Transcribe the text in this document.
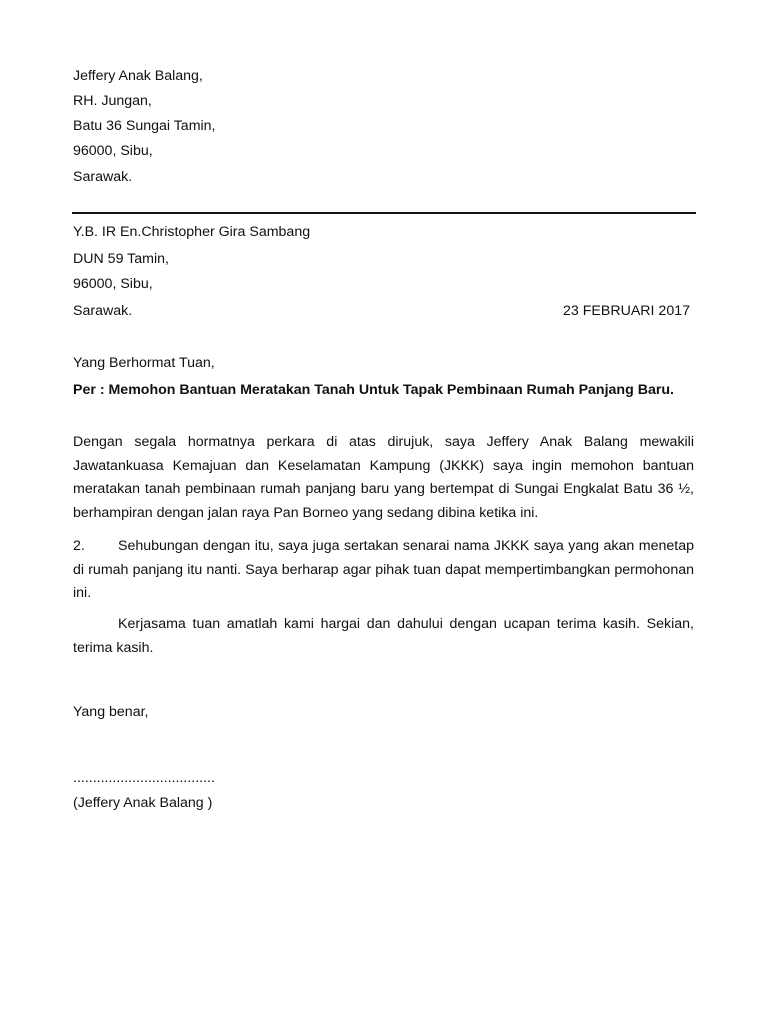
Jeffery Anak Balang,
RH. Jungan,
Batu 36 Sungai Tamin,
96000, Sibu,
Sarawak.
Y.B. IR En.Christopher Gira Sambang
DUN 59 Tamin,
96000, Sibu,
Sarawak.	23 FEBRUARI 2017
Yang Berhormat Tuan,
Per : Memohon Bantuan Meratakan Tanah Untuk Tapak Pembinaan Rumah Panjang Baru.
Dengan segala hormatnya perkara di atas dirujuk, saya Jeffery Anak Balang mewakili Jawatankuasa Kemajuan dan Keselamatan Kampung (JKKK) saya ingin memohon bantuan meratakan tanah pembinaan rumah panjang baru yang bertempat di Sungai Engkalat Batu 36 ½, berhampiran dengan jalan raya Pan Borneo yang sedang dibina ketika ini.
2. Sehubungan dengan itu, saya juga sertakan senarai nama JKKK saya yang akan menetap di rumah panjang itu nanti. Saya berharap agar pihak tuan dapat mempertimbangkan permohonan ini.
Kerjasama tuan amatlah kami hargai dan dahului dengan ucapan terima kasih. Sekian, terima kasih.
Yang benar,
....................................
(Jeffery Anak Balang )
